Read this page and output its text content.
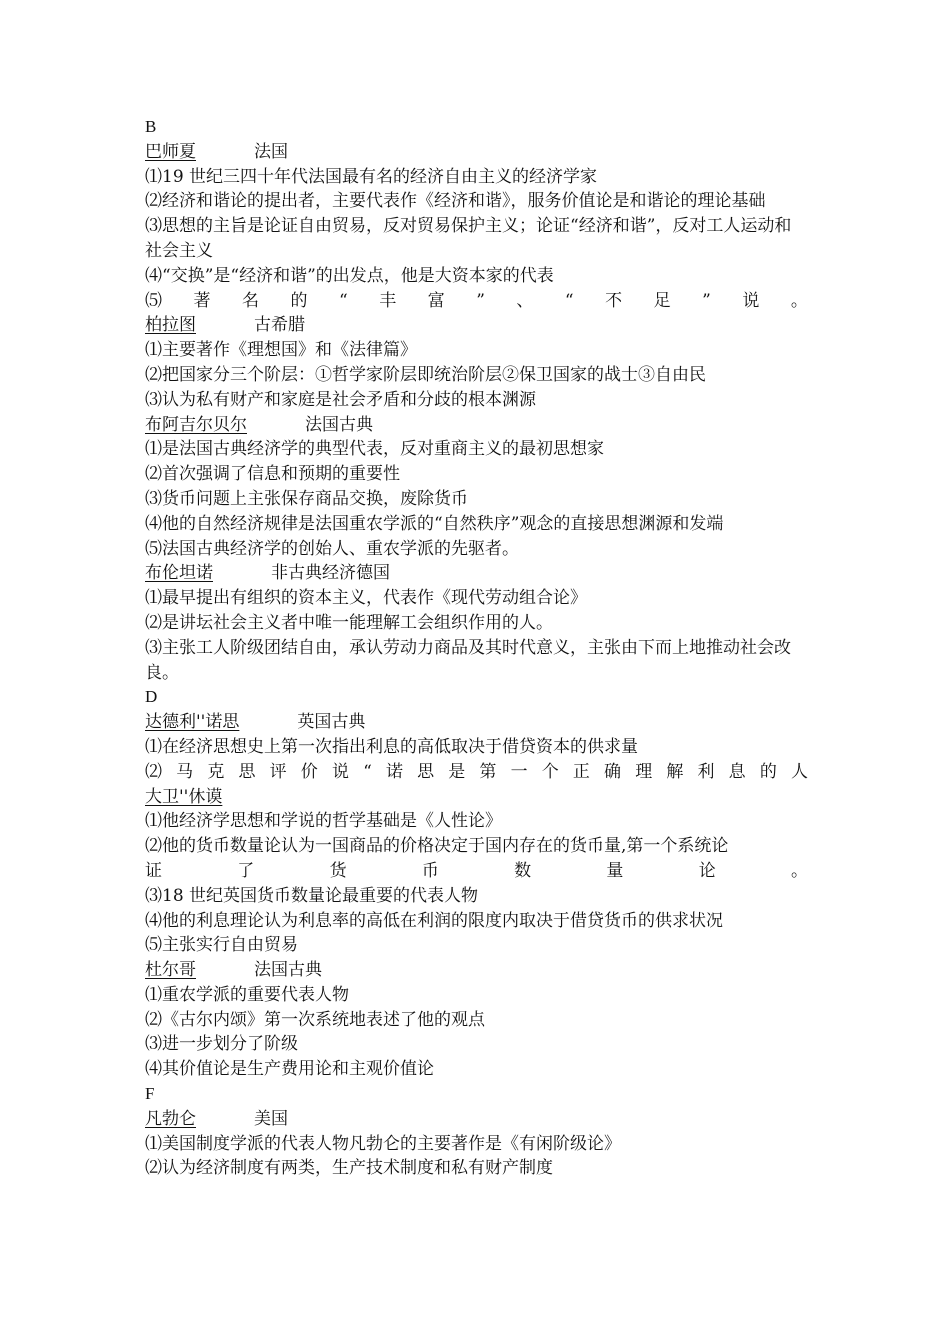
B
巴师夏	法国
⑴19 世纪三四十年代法国最有名的经济自由主义的经济学家
⑵经济和谐论的提出者，主要代表作《经济和谐》，服务价值论是和谐论的理论基础
⑶思想的主旨是论证自由贸易，反对贸易保护主义；论证“经济和谐”，反对工人运动和社会主义
⑷“交换”是“经济和谐”的出发点，他是大资本家的代表
⑸ 著 名 的 “ 丰 富 ” 、 “ 不 足 ” 说 。
柏拉图	古希腊
⑴主要著作《理想国》和《法律篇》
⑵把国家分三个阶层：①哲学家阶层即统治阶层②保卫国家的战士③自由民
⑶认为私有财产和家庭是社会矛盾和分歧的根本渊源
布阿吉尔贝尔	法国古典
⑴是法国古典经济学的典型代表，反对重商主义的最初思想家
⑵首次强调了信息和预期的重要性
⑶货币问题上主张保存商品交换，废除货币
⑷他的自然经济规律是法国重农学派的“自然秩序”观念的直接思想渊源和发端
⑸法国古典经济学的创始人、重农学派的先驱者。
布伦坦诺	非古典经济德国
⑴最早提出有组织的资本主义，代表作《现代劳动组合论》
⑵是讲坛社会主义者中唯一能理解工会组织作用的人。
⑶主张工人阶级团结自由，承认劳动力商品及其时代意义，主张由下而上地推动社会改良。
D
达德利''诺思	英国古典
⑴在经济思想史上第一次指出利息的高低取决于借贷资本的供求量
⑵ 马 克 思 评 价 说 “ 诺 思 是 第 一 个 正 确 理 解 利 息 的 人
大卫''休谟
⑴他经济学思想和学说的哲学基础是《人性论》
⑵他的货币数量论认为一国商品的价格决定于国内存在的货币量,第一个系统论
证	了	货	币	数	量	论	。
⑶18 世纪英国货币数量论最重要的代表人物
⑷他的利息理论认为利息率的高低在利润的限度内取决于借贷货币的供求状况
⑸主张实行自由贸易
杜尔哥	法国古典
⑴重农学派的重要代表人物
⑵《古尔内颂》第一次系统地表述了他的观点
⑶进一步划分了阶级
⑷其价值论是生产费用论和主观价值论
F
凡勃仑	美国
⑴美国制度学派的代表人物凡勃仑的主要著作是《有闲阶级论》
⑵认为经济制度有两类，生产技术制度和私有财产制度
